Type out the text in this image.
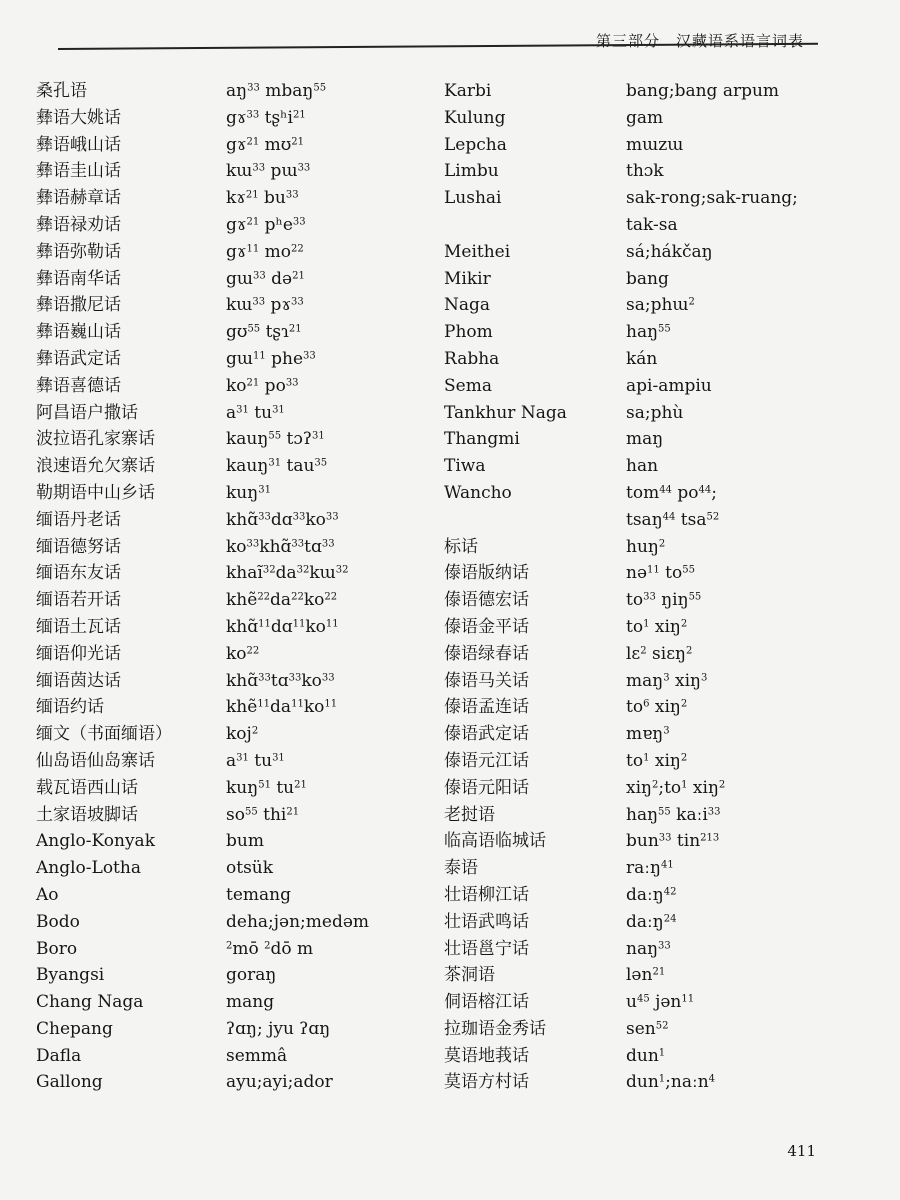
第三部分　汉藏语系语言词表
桑孔语
彝语大姚话
彝语峨山话
彝语圭山话
彝语赫章话
彝语禄劝话
彝语弥勒话
彝语南华话
彝语撒尼话
彝语巍山话
彝语武定话
彝语喜德话
阿昌语户撒话
波拉语孔家寨话
浪速语允欠寨话
勒期语中山乡话
缅语丹老话
缅语德努话
缅语东友话
缅语若开话
缅语土瓦话
缅语仰光话
缅语茵达话
缅语约话
缅文（书面缅语）
仙岛语仙岛寨话
载瓦语西山话
土家语坡脚话
Anglo-Konyak
Anglo-Lotha
Ao
Bodo
Boro
Byangsi
Chang Naga
Chepang
Dafla
Gallong
$aŋ^{33}$ mbaŋ$^{55}$
gɤ$^{33}$ tʂʰi$^{21}$
gɤ$^{21}$ mʊ$^{21}$
kɯ$^{33}$ pɯ$^{33}$
kɤ$^{21}$ $bu^{33}$
gɤ$^{21}$ pʰe$^{33}$
gɤ$^{11}$ $mo^{22}$
gɯ$^{33}$ də$^{21}$
kɯ$^{33}$ pɤ$^{33}$
gʊ$^{55}$ tʂɿ$^{21}$
gɯ$^{11}$ phe$^{33}$
$ko^{21}$ $po^{33}$
$a^{31}$ $tu^{31}$
kauŋ$^{55}$ tɔʔ$^{31}$
kauŋ$^{31}$ tau$^{35}$
kuŋ$^{31}$
$khɑ̃^{33}dɑ^{33}ko^{33}$
$ko^{33}khɑ̃^{33}tɑ^{33}$
$khaĩ^{32}da^{32}kɯ^{32}$
$khẽ^{22}da^{22}ko^{22}$
$khɑ̃^{11}dɑ^{11}ko^{11}$
$ko^{22}$
$khɑ̃^{33}tɑ^{33}ko^{33}$
$khẽ^{11}da^{11}ko^{11}$
koj$^2$
$a^{31}$ $tu^{31}$
kuŋ$^{51}$ $tu^{21}$
$so^{55}$ thi$^{21}$
bum
otsük
temang
deha;jən;medəm
$^2$mō $^2$dō m
goraŋ
mang
ʔɑŋ; jyu ʔɑŋ
semmâ
ayu;ayi;ador
Karbi
Kulung
Lepcha
Limbu
Lushai
Meithei
Mikir
Naga
Phom
Rabha
Sema
Tankhur Naga
Thangmi
Tiwa
Wancho
标话
傣语版纳话
傣语德宏话
傣语金平话
傣语绿春话
傣语马关话
傣语孟连话
傣语武定话
傣语元江话
傣语元阳话
老挝语
临高语临城话
泰语
壮语柳江话
壮语武鸣话
壮语邕宁话
茶洞语
侗语榕江话
拉珈语金秀话
莫语地莪话
莫语方村话
bang;bang arpum
gam
mɯzɯ
thɔk
sak-rong;sak-ruang;
tak-sa
sá;hákčaŋ
bang
sa;phɯ$^2$
haŋ$^{55}$
kán
api-ampiu
sa;phù
maŋ
han
tom$^{44}$ $po^{44}$;
tsaŋ$^{44}$ tsa$^{52}$
huŋ$^2$
nə$^{11}$ $to^{55}$
$to^{33}$ ŋiŋ$^{55}$
$to^1$ xiŋ$^2$
lɛ$^2$ siɛŋ$^2$
maŋ$^3$ xiŋ$^3$
$to^6$ xiŋ$^2$
mɐŋ$^3$
$to^1$ xiŋ$^2$
$xiŋ^2;to^1$ xiŋ$^2$
haŋ$^{55}$ kaːi$^{33}$
bun$^{33}$ tin$^{213}$
raːŋ$^{41}$
daːŋ$^{42}$
daːŋ$^{24}$
naŋ$^{33}$
lən$^{21}$
$u^{45}$ jən$^{11}$
sen$^{52}$
dun$^1$
dun$^1$;naːn$^4$
411
